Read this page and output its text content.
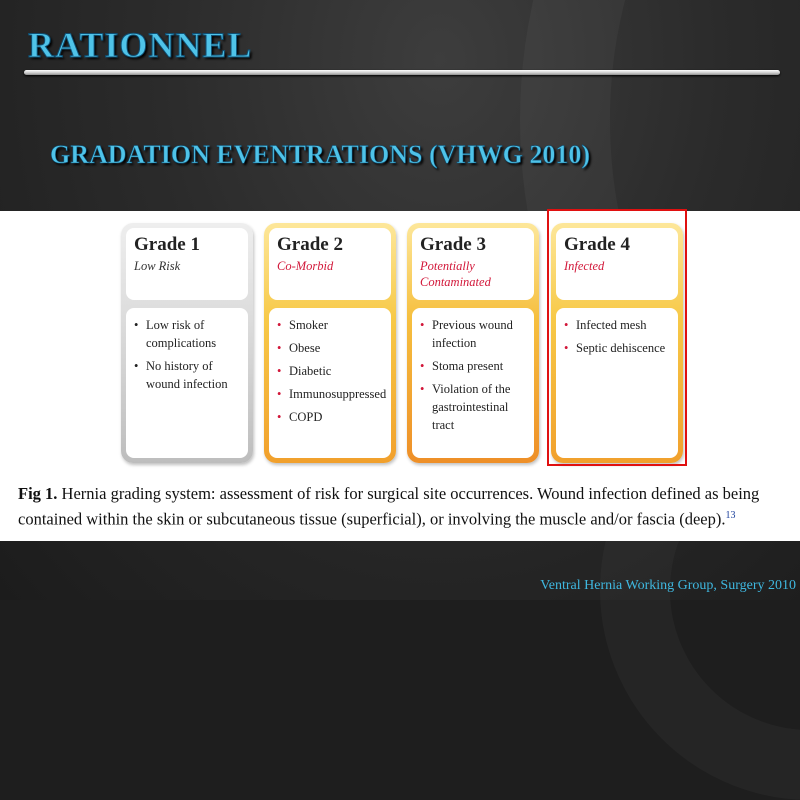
RATIONNEL
GRADATION EVENTRATIONS (VHWG 2010)
Grade 1

Low Risk

• Low risk of complications
• No history of wound infection
Grade 2

Co-Morbid

• Smoker
• Obese
• Diabetic
• Immunosuppressed
• COPD
Grade 3

Potentially Contaminated

• Previous wound infection
• Stoma present
• Violation of the gastrointestinal tract
Grade 4

Infected

• Infected mesh
• Septic dehiscence

Fig 1. Hernia grading system: assessment of risk for surgical site occurrences. Wound infection defined as being contained within the skin or subcutaneous tissue (superficial), or involving the muscle and/or fascia (deep).$^{13}$

Ventral Hernia Working Group, Surgery 2010
